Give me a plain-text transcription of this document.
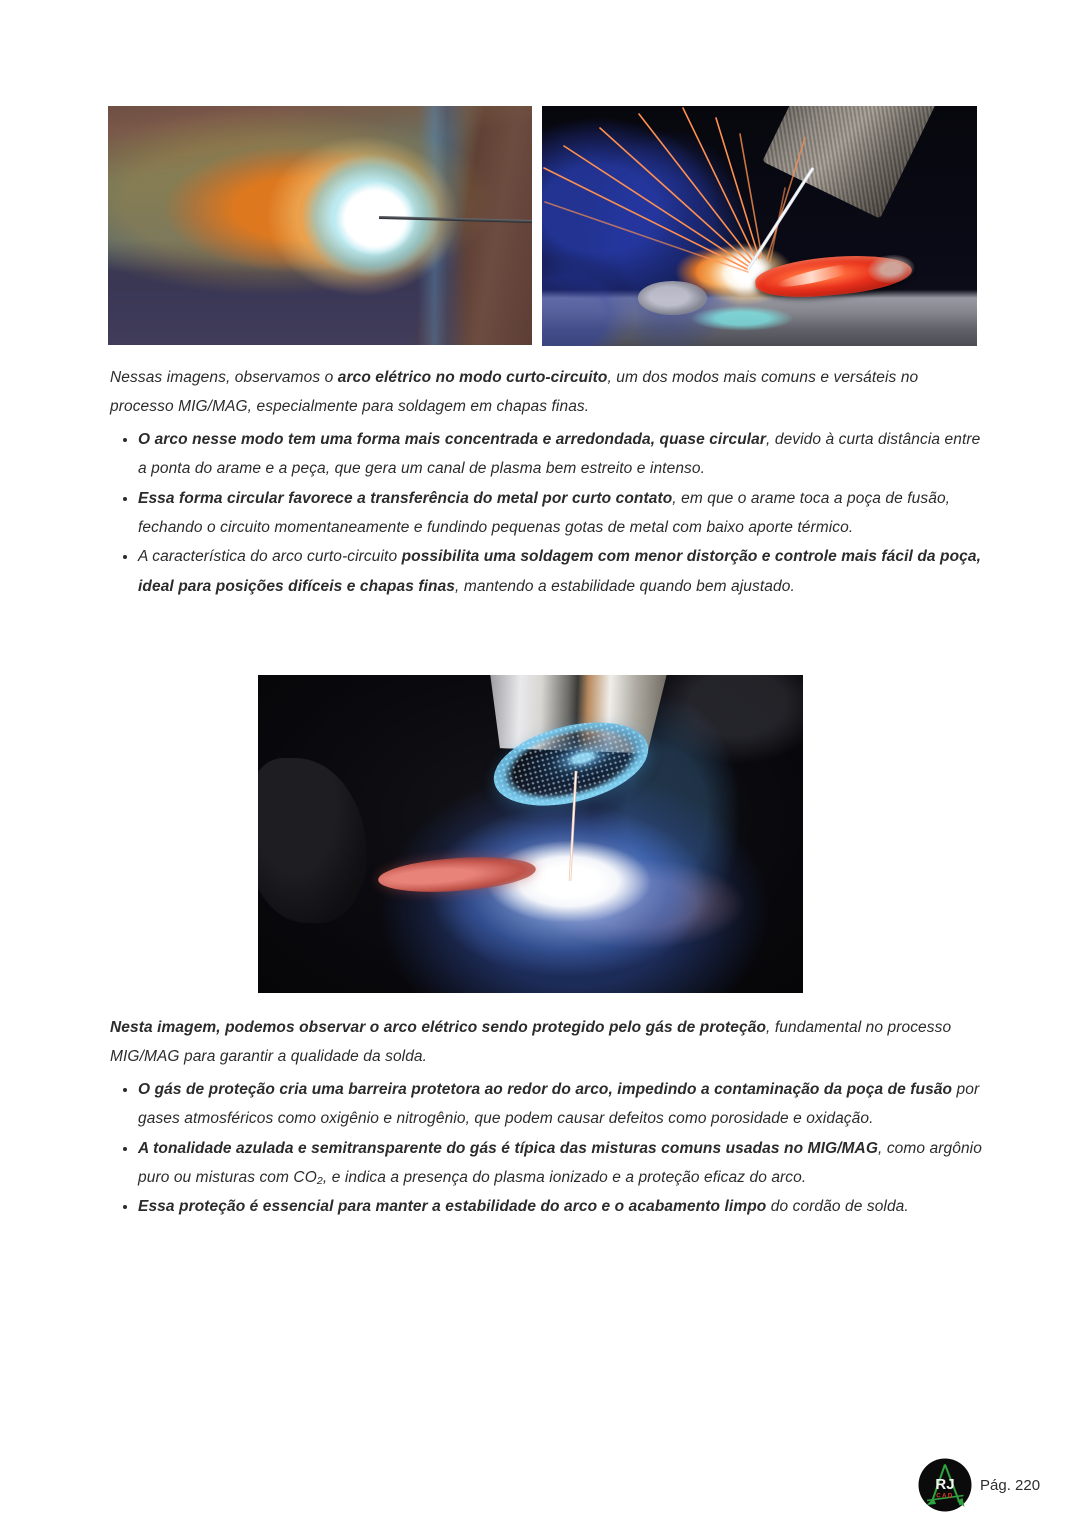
Nessas imagens, observamos o arco elétrico no modo curto-circuito, um dos modos mais comuns e versáteis no processo MIG/MAG, especialmente para soldagem em chapas finas.

O arco nesse modo tem uma forma mais concentrada e arredondada, quase circular, devido à curta distância entre a ponta do arame e a peça, que gera um canal de plasma bem estreito e intenso.
Essa forma circular favorece a transferência do metal por curto contato, em que o arame toca a poça de fusão, fechando o circuito momentaneamente e fundindo pequenas gotas de metal com baixo aporte térmico.
A característica do arco curto-circuito possibilita uma soldagem com menor distorção e controle mais fácil da poça, ideal para posições difíceis e chapas finas, mantendo a estabilidade quando bem ajustado.

Nesta imagem, podemos observar o arco elétrico sendo protegido pelo gás de proteção, fundamental no processo MIG/MAG para garantir a qualidade da solda.

O gás de proteção cria uma barreira protetora ao redor do arco, impedindo a contaminação da poça de fusão por gases atmosféricos como oxigênio e nitrogênio, que podem causar defeitos como porosidade e oxidação.
A tonalidade azulada e semitransparente do gás é típica das misturas comuns usadas no MIG/MAG, como argônio puro ou misturas com CO₂, e indica a presença do plasma ionizado e a proteção eficaz do arco.
Essa proteção é essencial para manter a estabilidade do arco e o acabamento limpo do cordão de solda.
RJ
CAD
Pág. 220
